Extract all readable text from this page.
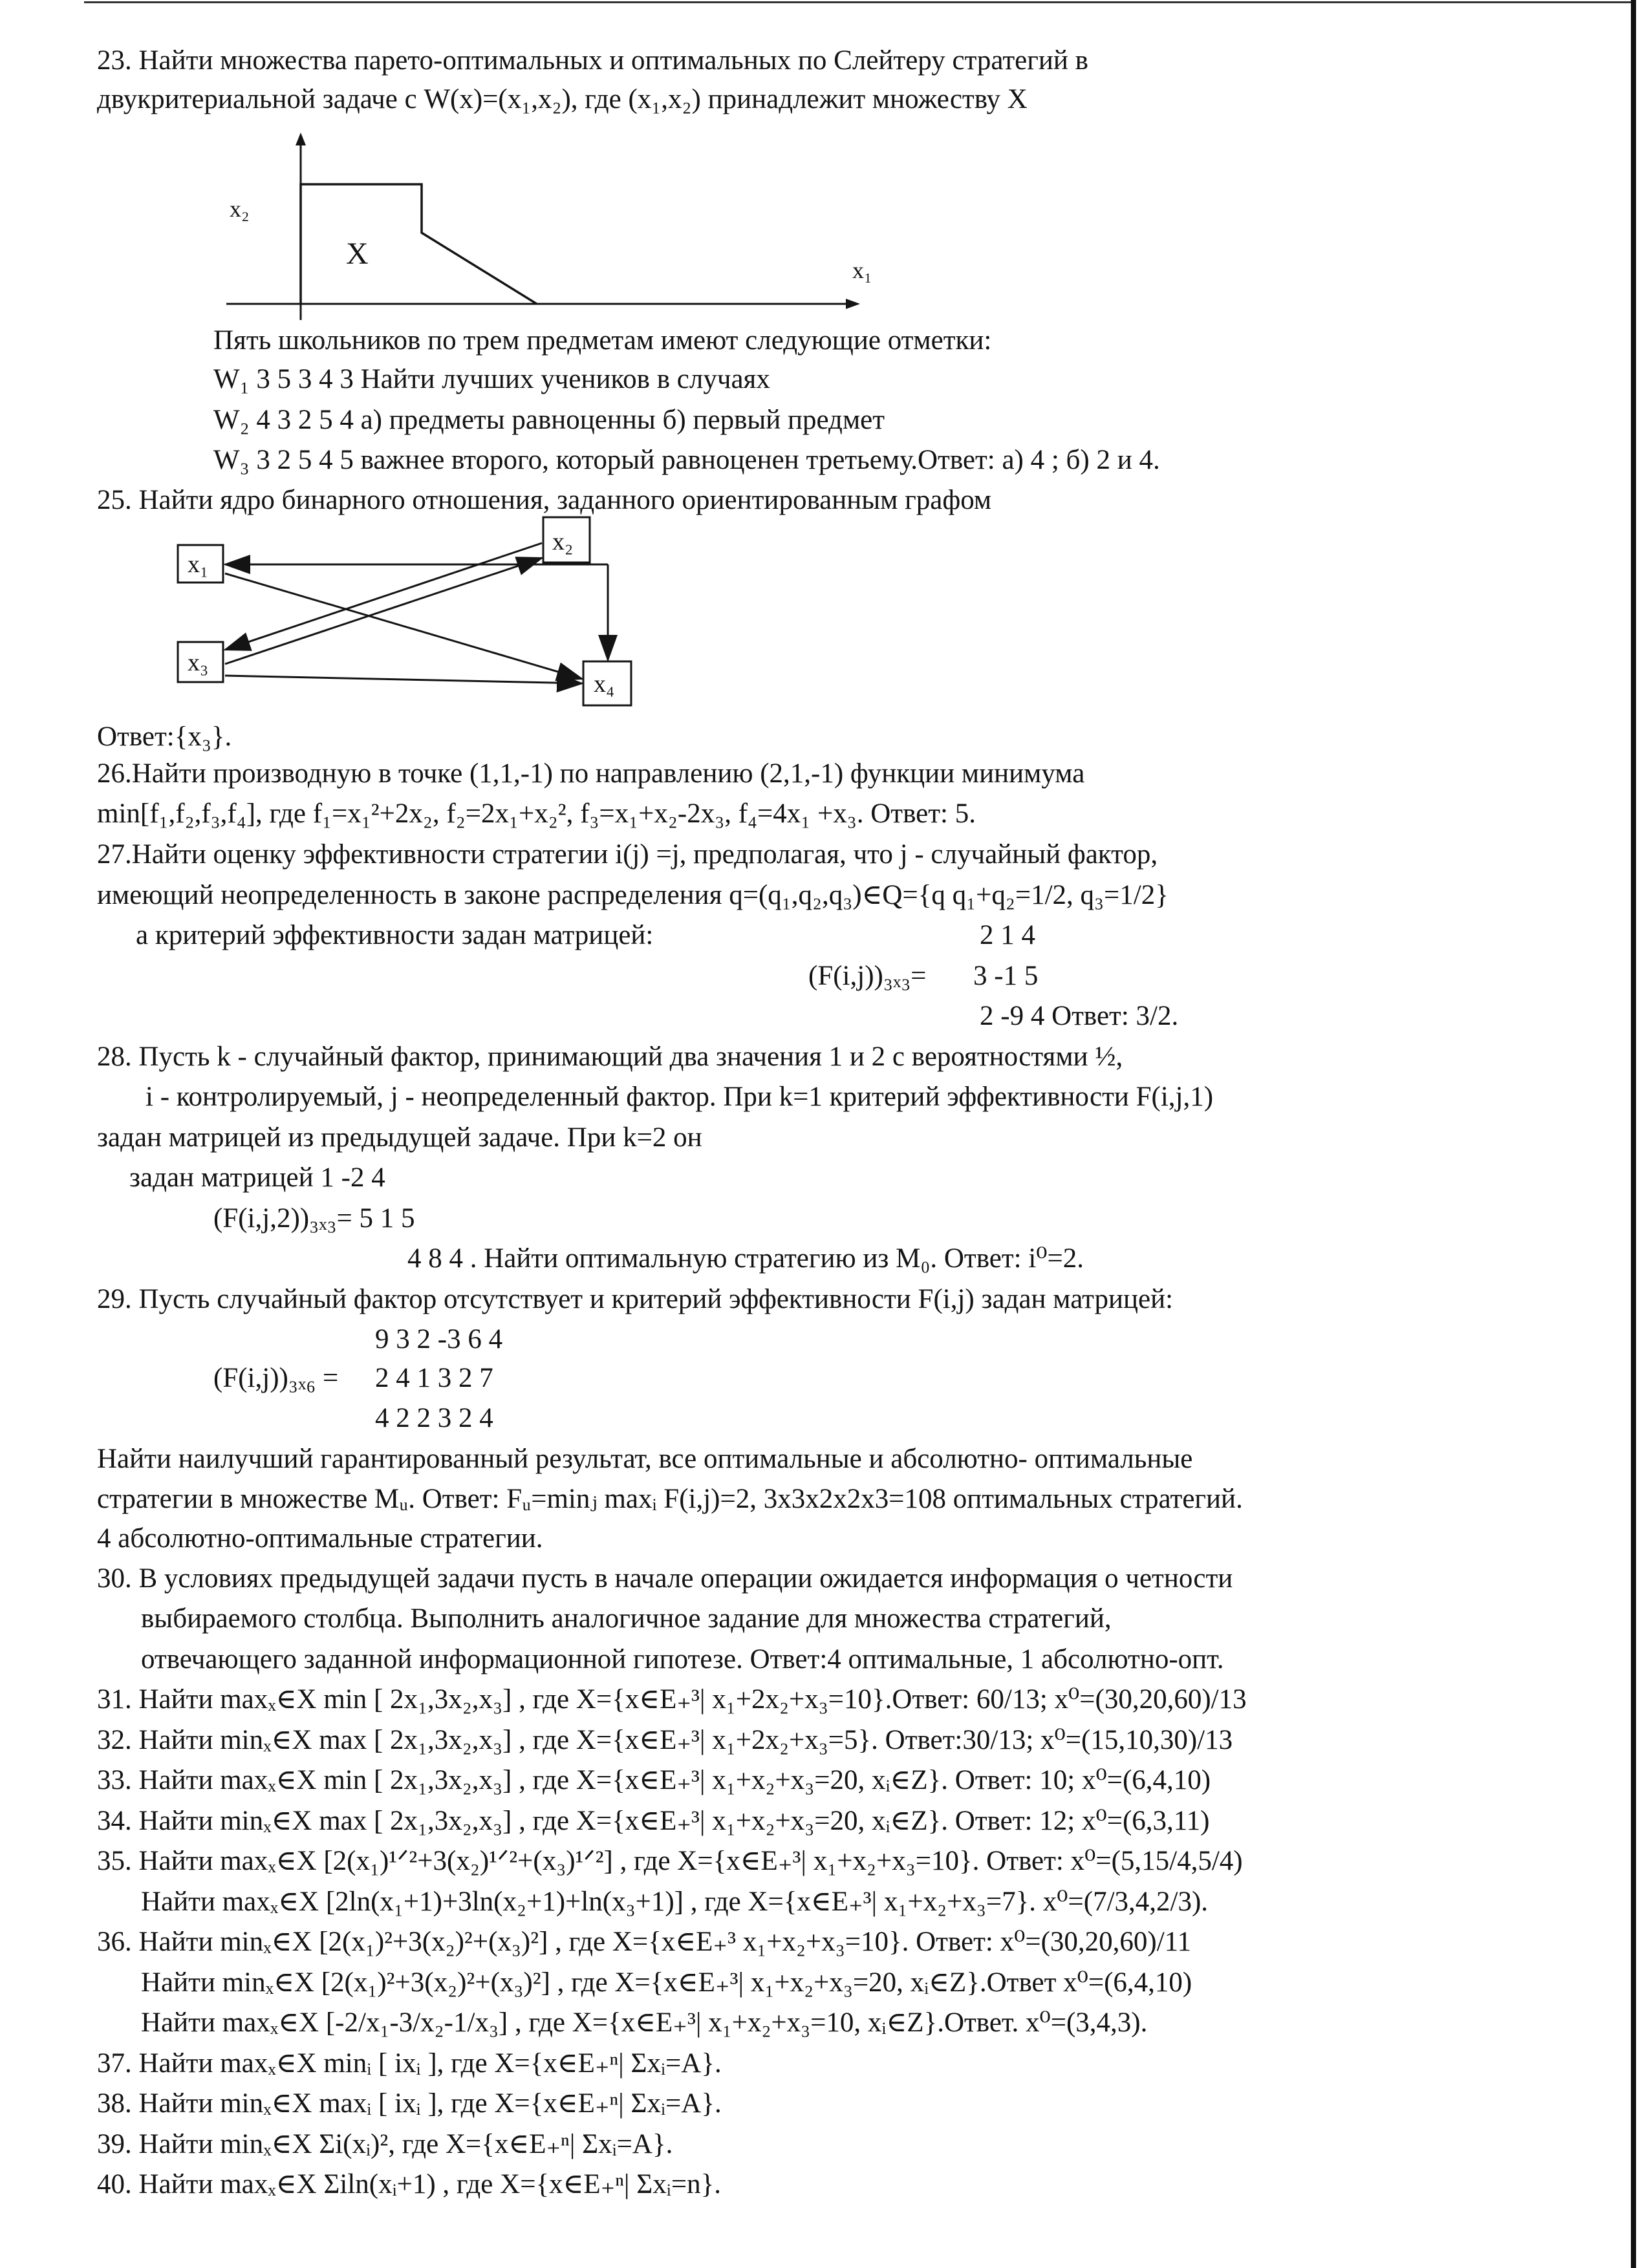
23. Найти множества парето-оптимальных и оптимальных по Слейтеру стратегий в
двукритериальной задаче с W(x)=(x₁,x₂), где (x₁,x₂) принадлежит множеству X
x₂
X	x₁
Пять школьников по трем предметам имеют следующие отметки:
W₁ 3 5 3 4 3 Найти лучших учеников в случаях
W₂ 4 3 2 5 4 а) предметы равноценны б) первый предмет
W₃ 3 2 5 4 5 важнее второго, который равноценен третьему.Ответ: а) 4 ; б) 2 и 4.
25. Найти ядро бинарного отношения, заданного ориентированным графом
x₁
x₂
x₃
x₄
Ответ:{x₃}.
26.Найти производную в точке (1,1,-1) по направлению (2,1,-1) функции минимума
min[f₁,f₂,f₃,f₄], где f₁=x₁²+2x₂, f₂=2x₁+x₂², f₃=x₁+x₂-2x₃, f₄=4x₁ +x₃. Ответ: 5.
27.Найти оценку эффективности стратегии i(j) =j, предполагая, что j - случайный фактор,
имеющий неопределенность в законе распределения q=(q₁,q₂,q₃)∈Q={q q₁+q₂=1/2, q₃=1/2}
а критерий эффективности задан матрицей:	2 1 4
(F(i,j))₃ₓ₃= 3 -1 5
2 -9 4 Ответ: 3/2.
28. Пусть k - случайный фактор, принимающий два значения 1 и 2 с вероятностями ½,
i - контролируемый, j - неопределенный фактор. При k=1 критерий эффективности F(i,j,1)
задан матрицей из предыдущей задаче. При k=2 он
задан матрицей 1 -2 4
(F(i,j,2))₃ₓ₃= 5 1 5
4 8 4 . Найти оптимальную стратегию из M₀. Ответ: i⁰=2.
29. Пусть случайный фактор отсутствует и критерий эффективности F(i,j) задан матрицей:
9 3 2 -3 6 4
(F(i,j))₃ₓ₆ = 2 4 1 3 2 7
4 2 2 3 2 4
Найти наилучший гарантированный результат, все оптимальные и абсолютно- оптимальные
стратегии в множестве Mᵤ. Ответ: Fᵤ=minⱼ maxᵢ F(i,j)=2, 3x3x2x2x3=108 оптимальных стратегий.
4 абсолютно-оптимальные стратегии.
30. В условиях предыдущей задачи пусть в начале операции ожидается информация о четности
выбираемого столбца. Выполнить аналогичное задание для множества стратегий,
отвечающего заданной информационной гипотезе. Ответ:4 оптимальные, 1 абсолютно-опт.
31. Найти maxₓ∈X min [ 2x₁,3x₂,x₃] , где X={x∈E₊³| x₁+2x₂+x₃=10}.Ответ: 60/13; x⁰=(30,20,60)/13
32. Найти minₓ∈X max [ 2x₁,3x₂,x₃] , где X={x∈E₊³| x₁+2x₂+x₃=5}. Ответ:30/13; x⁰=(15,10,30)/13
33. Найти maxₓ∈X min [ 2x₁,3x₂,x₃] , где X={x∈E₊³| x₁+x₂+x₃=20, xᵢ∈Z}. Ответ: 10; x⁰=(6,4,10)
34. Найти minₓ∈X max [ 2x₁,3x₂,x₃] , где X={x∈E₊³| x₁+x₂+x₃=20, xᵢ∈Z}. Ответ: 12; x⁰=(6,3,11)
35. Найти maxₓ∈X [2(x₁)¹ᐟ²+3(x₂)¹ᐟ²+(x₃)¹ᐟ²] , где X={x∈E₊³| x₁+x₂+x₃=10}. Ответ: x⁰=(5,15/4,5/4)
Найти maxₓ∈X [2ln(x₁+1)+3ln(x₂+1)+ln(x₃+1)] , где X={x∈E₊³| x₁+x₂+x₃=7}. x⁰=(7/3,4,2/3).
36. Найти minₓ∈X [2(x₁)²+3(x₂)²+(x₃)²] , где X={x∈E₊³ x₁+x₂+x₃=10}. Ответ: x⁰=(30,20,60)/11
Найти minₓ∈X [2(x₁)²+3(x₂)²+(x₃)²] , где X={x∈E₊³| x₁+x₂+x₃=20, xᵢ∈Z}.Ответ x⁰=(6,4,10)
Найти maxₓ∈X [-2/x₁-3/x₂-1/x₃] , где X={x∈E₊³| x₁+x₂+x₃=10, xᵢ∈Z}.Ответ. x⁰=(3,4,3).
37. Найти maxₓ∈X minᵢ [ ixᵢ ], где X={x∈E₊ⁿ| Σxᵢ=A}.
38. Найти minₓ∈X maxᵢ [ ixᵢ ], где X={x∈E₊ⁿ| Σxᵢ=A}.
39. Найти minₓ∈X Σi(xᵢ)², где X={x∈E₊ⁿ| Σxᵢ=A}.
40. Найти maxₓ∈X Σiln(xᵢ+1) , где X={x∈E₊ⁿ| Σxᵢ=n}.
